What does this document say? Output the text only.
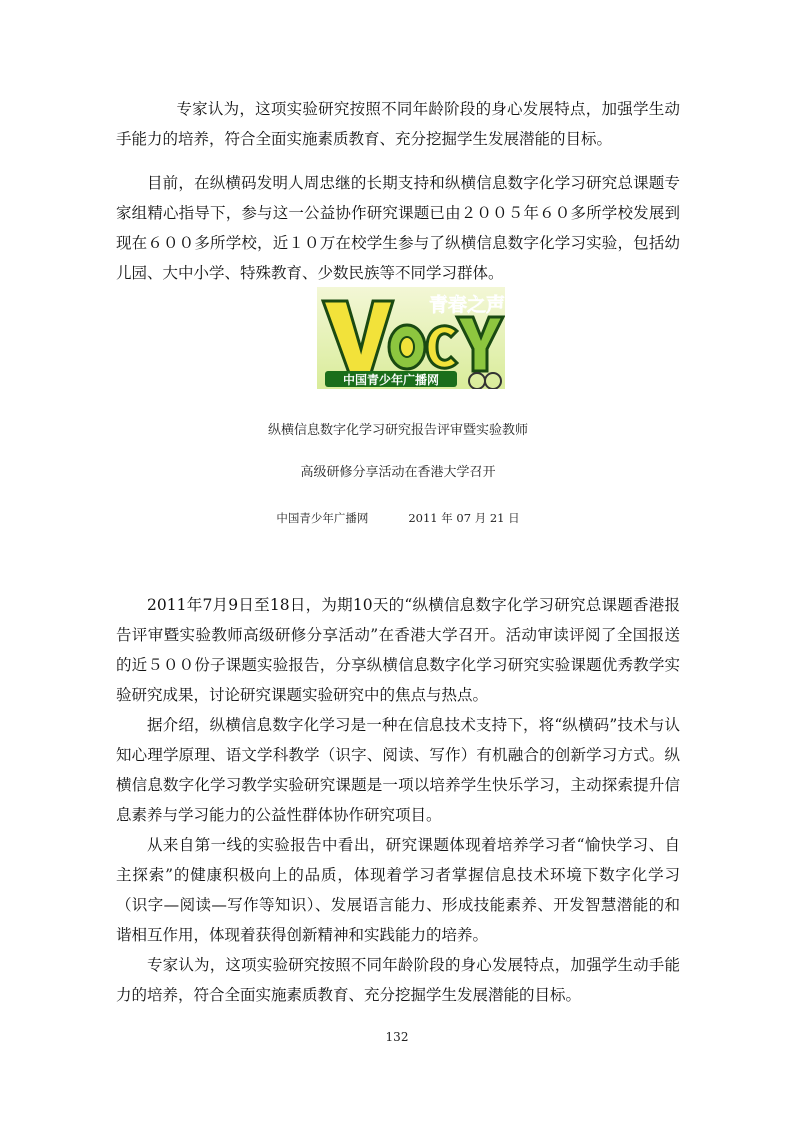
专家认为，这项实验研究按照不同年龄阶段的身心发展特点，加强学生动手能力的培养，符合全面实施素质教育、充分挖掘学生发展潜能的目标。

目前，在纵横码发明人周忠继的长期支持和纵横信息数字化学习研究总课题专家组精心指导下，参与这一公益协作研究课题已由２００５年６０多所学校发展到现在６００多所学校，近１０万在校学生参与了纵横信息数字化学习实验，包括幼儿园、大中小学、特殊教育、少数民族等不同学习群体。

青春之声
中国青少年广播网

纵横信息数字化学习研究报告评审暨实验教师

高级研修分享活动在香港大学召开

中国青少年广播网	2011 年 07 月 21 日

2011年7月9日至18日，为期10天的“纵横信息数字化学习研究总课题香港报告评审暨实验教师高级研修分享活动”在香港大学召开。活动审读评阅了全国报送的近５００份子课题实验报告，分享纵横信息数字化学习研究实验课题优秀教学实验研究成果，讨论研究课题实验研究中的焦点与热点。

据介绍，纵横信息数字化学习是一种在信息技术支持下，将“纵横码”技术与认知心理学原理、语文学科教学（识字、阅读、写作）有机融合的创新学习方式。纵横信息数字化学习教学实验研究课题是一项以培养学生快乐学习，主动探索提升信息素养与学习能力的公益性群体协作研究项目。

从来自第一线的实验报告中看出，研究课题体现着培养学习者“愉快学习、自主探索”的健康积极向上的品质，体现着学习者掌握信息技术环境下数字化学习（识字—阅读—写作等知识）、发展语言能力、形成技能素养、开发智慧潜能的和谐相互作用，体现着获得创新精神和实践能力的培养。

专家认为，这项实验研究按照不同年龄阶段的身心发展特点，加强学生动手能力的培养，符合全面实施素质教育、充分挖掘学生发展潜能的目标。

132
